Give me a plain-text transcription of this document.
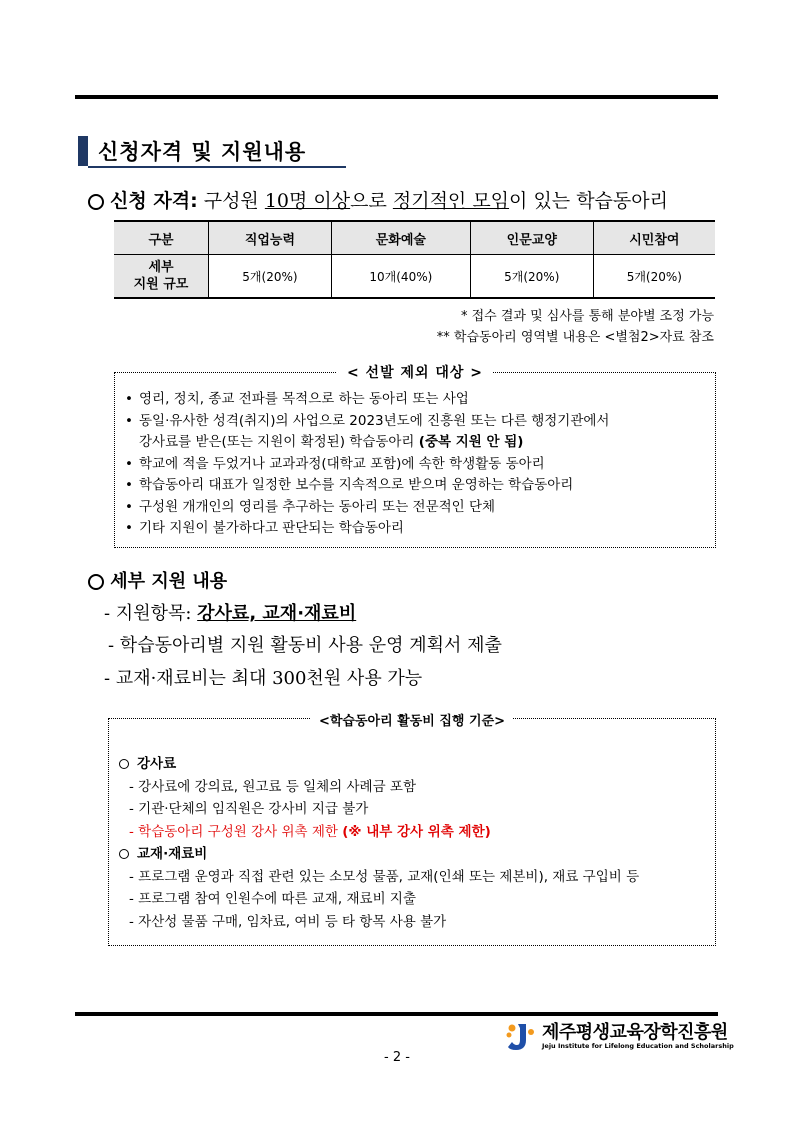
신청자격 및 지원내용
신청 자격: 구성원 10명 이상으로 정기적인 모임이 있는 학습동아리
구분	직업능력	문화예술	인문교양	시민참여
세부
지원 규모	5개(20%)	10개(40%)	5개(20%)	5개(20%)
* 접수 결과 및 심사를 통해 분야별 조정 가능
** 학습동아리 영역별 내용은 <별첨2>자료 참조
< 선발 제외 대상 >
• 영리, 정치, 종교 전파를 목적으로 하는 동아리 또는 사업
• 동일·유사한 성격(취지)의 사업으로 2023년도에 진흥원 또는 다른 행정기관에서
강사료를 받은(또는 지원이 확정된) 학습동아리 (중복 지원 안 됨)
• 학교에 적을 두었거나 교과과정(대학교 포함)에 속한 학생활동 동아리
• 학습동아리 대표가 일정한 보수를 지속적으로 받으며 운영하는 학습동아리
• 구성원 개개인의 영리를 추구하는 동아리 또는 전문적인 단체
• 기타 지원이 불가하다고 판단되는 학습동아리
세부 지원 내용
- 지원항목: 강사료, 교재·재료비
- 학습동아리별 지원 활동비 사용 운영 계획서 제출
- 교재·재료비는 최대 300천원 사용 가능
<학습동아리 활동비 집행 기준>
강사료
- 강사료에 강의료, 원고료 등 일체의 사례금 포함
- 기관·단체의 임직원은 강사비 지급 불가
- 학습동아리 구성원 강사 위촉 제한 (※ 내부 강사 위촉 제한)
교재·재료비
- 프로그램 운영과 직접 관련 있는 소모성 물품, 교재(인쇄 또는 제본비), 재료 구입비 등
- 프로그램 참여 인원수에 따른 교재, 재료비 지출
- 자산성 물품 구매, 임차료, 여비 등 타 항목 사용 불가
제주평생교육장학진흥원
Jeju Institute for Lifelong Education and Scholarship
- 2 -
